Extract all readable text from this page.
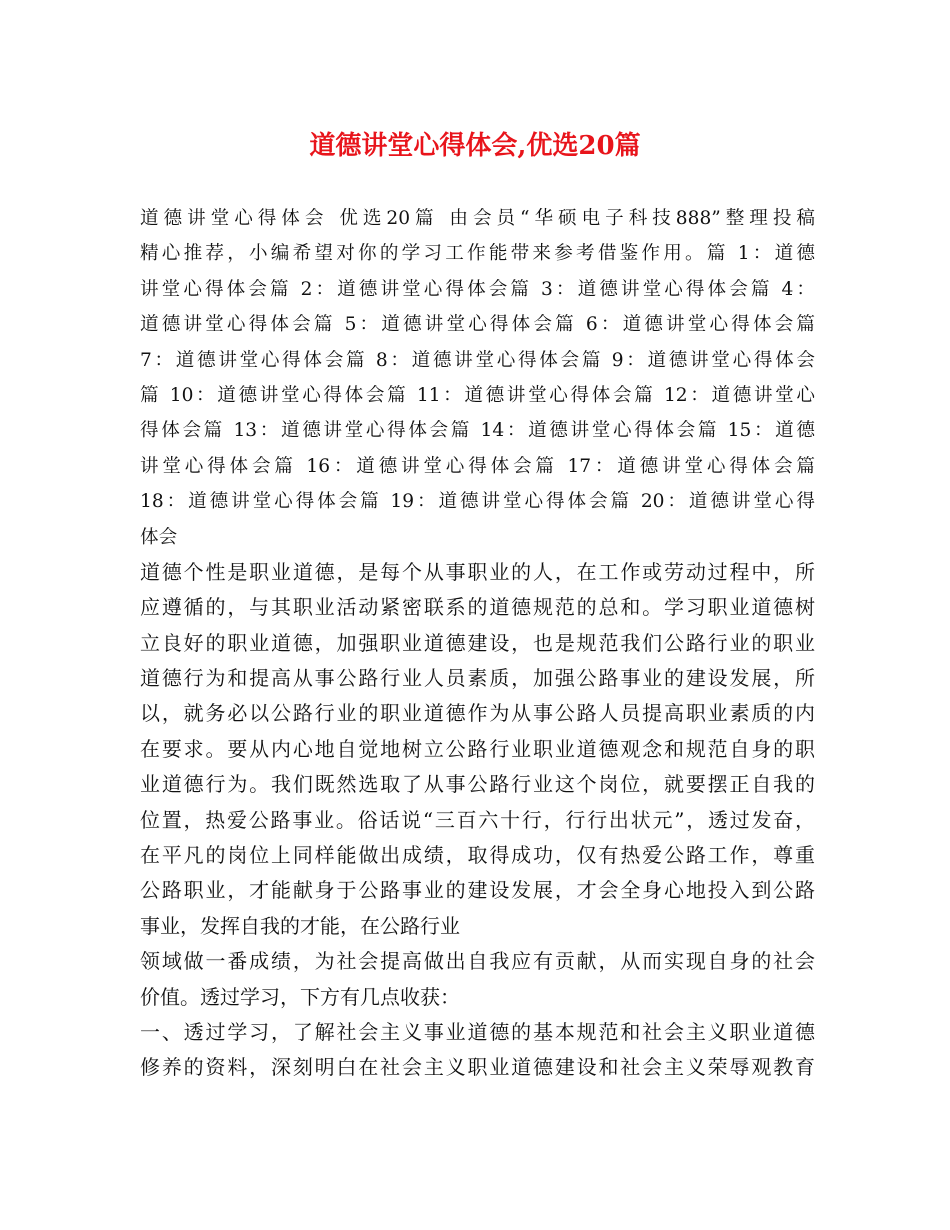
道德讲堂心得体会,优选20篇
道德讲堂心得体会 优选20篇 由会员“华硕电子科技888”整理投稿
精心推荐，小编希望对你的学习工作能带来参考借鉴作用。篇 1：道德
讲堂心得体会篇 2：道德讲堂心得体会篇 3：道德讲堂心得体会篇 4：
道德讲堂心得体会篇 5：道德讲堂心得体会篇 6：道德讲堂心得体会篇
7：道德讲堂心得体会篇 8：道德讲堂心得体会篇 9：道德讲堂心得体会
篇 10：道德讲堂心得体会篇 11：道德讲堂心得体会篇 12：道德讲堂心
得体会篇 13：道德讲堂心得体会篇 14：道德讲堂心得体会篇 15：道德
讲堂心得体会篇 16：道德讲堂心得体会篇 17：道德讲堂心得体会篇
18：道德讲堂心得体会篇 19：道德讲堂心得体会篇 20：道德讲堂心得
体会
道德个性是职业道德，是每个从事职业的人，在工作或劳动过程中，所
应遵循的，与其职业活动紧密联系的道德规范的总和。学习职业道德树
立良好的职业道德，加强职业道德建设，也是规范我们公路行业的职业
道德行为和提高从事公路行业人员素质，加强公路事业的建设发展，所
以，就务必以公路行业的职业道德作为从事公路人员提高职业素质的内
在要求。要从内心地自觉地树立公路行业职业道德观念和规范自身的职
业道德行为。我们既然选取了从事公路行业这个岗位，就要摆正自我的
位置，热爱公路事业。俗话说“三百六十行，行行出状元”，透过发奋，
在平凡的岗位上同样能做出成绩，取得成功，仅有热爱公路工作，尊重
公路职业，才能献身于公路事业的建设发展，才会全身心地投入到公路
事业，发挥自我的才能，在公路行业
领域做一番成绩，为社会提高做出自我应有贡献，从而实现自身的社会
价值。透过学习，下方有几点收获：
一、透过学习，了解社会主义事业道德的基本规范和社会主义职业道德
修养的资料，深刻明白在社会主义职业道德建设和社会主义荣辱观教育
